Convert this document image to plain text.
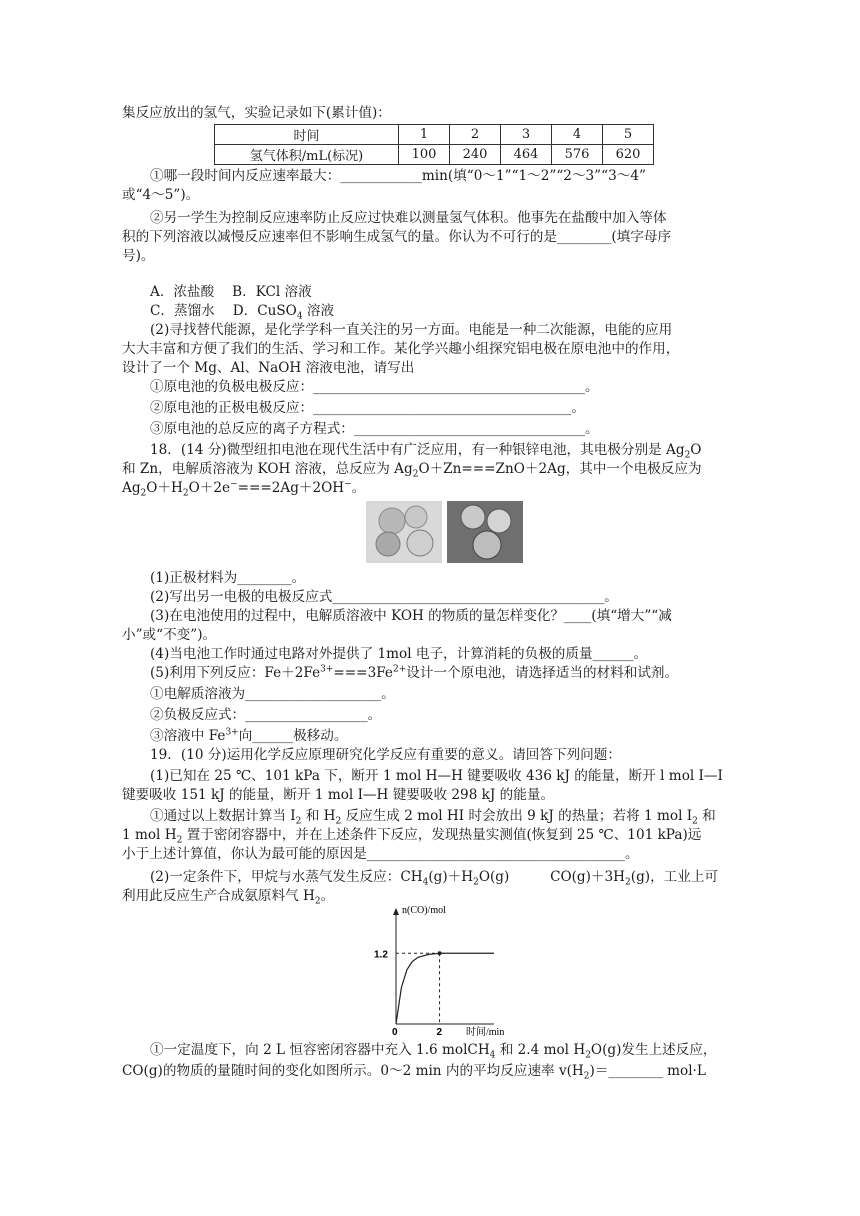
集反应放出的氢气，实验记录如下(累计值)：
时间	1	2	3	4	5
氢气体积/mL(标况)	100	240	464	576	620
①哪一段时间内反应速率最大：____________min(填“0～1”“1～2”“2～3”“3～4”
或“4～5”)。
②另一学生为控制反应速率防止反应过快难以测量氢气体积。他事先在盐酸中加入等体
积的下列溶液以减慢反应速率但不影响生成氢气的量。你认为不可行的是________(填字母序
号)。
A．浓盐酸　 B．KCl 溶液
C．蒸馏水　 D．CuSO$_4$ 溶液
(2)寻找替代能源，是化学学科一直关注的另一方面。电能是一种二次能源，电能的应用
大大丰富和方便了我们的生活、学习和工作。某化学兴趣小组探究铝电极在原电池中的作用，
设计了一个 Mg、Al、NaOH 溶液电池，请写出
①原电池的负极电极反应：________________________________________。
②原电池的正极电极反应：______________________________________。
③原电池的总反应的离子方程式：__________________________________。
18．(14 分)微型纽扣电池在现代生活中有广泛应用，有一种银锌电池，其电极分别是 $Ag_2O$
和 Zn，电解质溶液为 KOH 溶液，总反应为 $Ag_2O+Zn===ZnO+2Ag$，其中一个电极反应为
$Ag_2O+H_2O+2e^-===2Ag+2OH^-$。
(1)正极材料为________。
(2)写出另一电极的电极反应式________________________________________。
(3)在电池使用的过程中，电解质溶液中 KOH 的物质的量怎样变化？____(填“增大”“减
小”或“不变”)。
(4)当电池工作时通过电路对外提供了 1mol 电子，计算消耗的负极的质量______。
(5)利用下列反应：$Fe+2Fe^{3+}===3Fe^{2+}$设计一个原电池，请选择适当的材料和试剂。
①电解质溶液为____________________。
②负极反应式：__________________。
③溶液中 $Fe^{3+}$向______极移动。
19．(10 分)运用化学反应原理研究化学反应有重要的意义。请回答下列问题：
(1)已知在 25 ℃、101 kPa 下，断开 1 mol H—H 键要吸收 436 kJ 的能量，断开 l mol I—I
键要吸收 151 kJ 的能量，断开 1 mol I—H 键要吸收 298 kJ 的能量。
①通过以上数据计算当 $I_2$ 和 $H_2$ 反应生成 2 mol HI 时会放出 9 kJ 的热量；若将 1 mol $I_2$ 和
1 mol $H_2$ 置于密闭容器中，并在上述条件下反应，发现热量实测值(恢复到 25 ℃、101 kPa)远
小于上述计算值，你认为最可能的原因是______________________________________。
(2)一定条件下，甲烷与水蒸气发生反应：$CH_4(g)+H_2O(g)$　　　$CO(g)+3H_2(g)$，工业上可
利用此反应生产合成氨原料气 $H_2$。
n(CO)/mol
1.2
0	2 时间/min
①一定温度下，向 2 L 恒容密闭容器中充入 1.6 molCH$_4$ 和 2.4 mol $H_2O(g)$发生上述反应，
CO(g)的物质的量随时间的变化如图所示。0～2 min 内的平均反应速率 $v(H_2)=\_\_\_\_\_\_\_\_$ mol·L
